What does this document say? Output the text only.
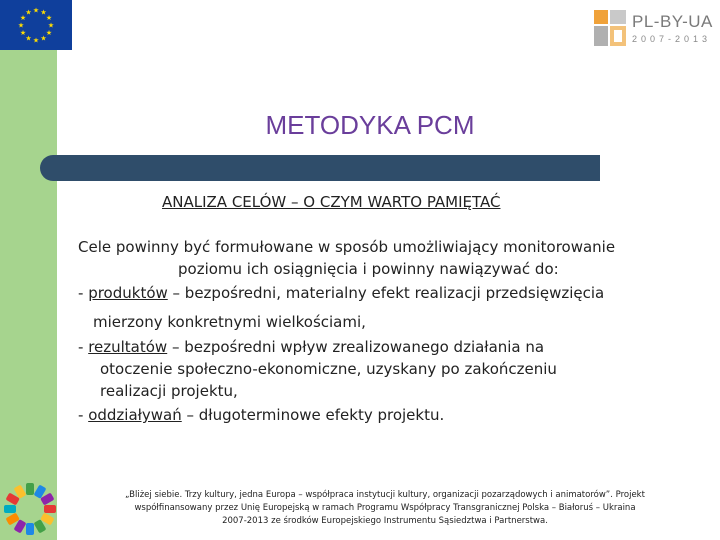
★
★
★
★
★
★
★
★
★ ★ ★
★	PL-BY-UA
2007-2013
METODYKA PCM
ANALIZA CELÓW – O CZYM WARTO PAMIĘTAĆ
Cele powinny być formułowane w sposób umożliwiający monitorowanie
poziomu ich osiągnięcia i powinny nawiązywać do:
- produktów – bezpośredni, materialny efekt realizacji przedsięwzięcia
mierzony konkretnymi wielkościami,
- rezultatów – bezpośredni wpływ zrealizowanego działania na
otoczenie społeczno-ekonomiczne, uzyskany po zakończeniu
realizacji projektu,
- oddziaływań – długoterminowe efekty projektu.
„Bliżej siebie. Trzy kultury, jedna Europa – współpraca instytucji kultury, organizacji pozarządowych i animatorów”. Projekt
współfinansowany przez Unię Europejską w ramach Programu Współpracy Transgranicznej Polska – Białoruś – Ukraina
2007-2013 ze środków Europejskiego Instrumentu Sąsiedztwa i Partnerstwa.
